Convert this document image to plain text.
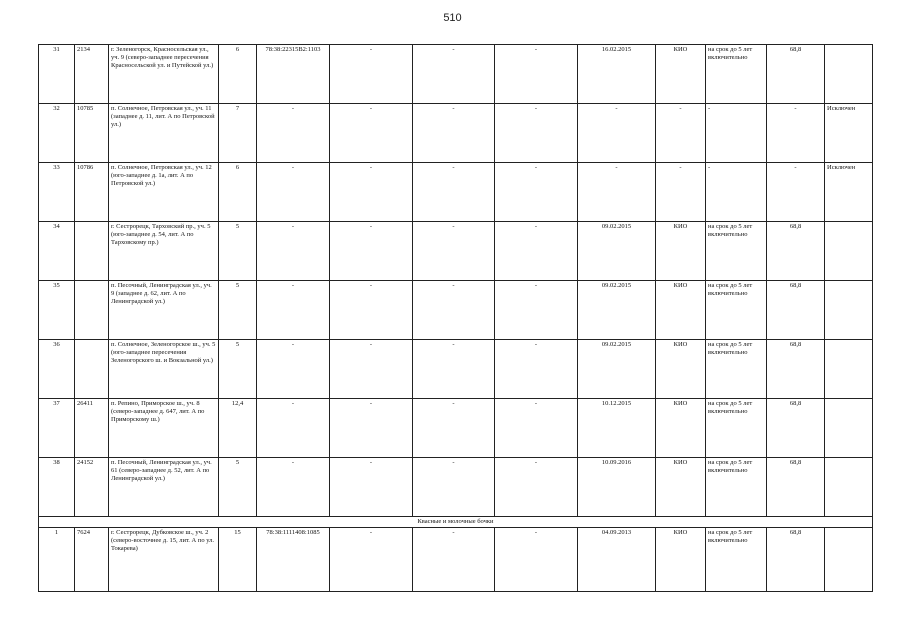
510
31	2134	г. Зеленогорск, Красносельская ул., уч. 9 (северо-западнее пересечения Красносельской ул. и Путейской ул.)	6	78:38:22315В2:1103	-	-	-	16.02.2015	КИО	на срок до 5 лет включительно	68,8	
32	10785	п. Солнечное, Петровская ул., уч. 11 (западнее д. 11, лит. А по Петровской ул.)	7	-	-	-	-	-	-	-	-	Исключен
33	10786	п. Солнечное, Петровская ул., уч. 12 (юго-западнее д. 1а, лит. А по Петровской ул.)	6	-	-	-	-	-	-	-	-	Исключен
34		г. Сестрорецк, Тарховский пр., уч. 5 (юго-западнее д. 54, лит. А по Тарховскому пр.)	5	-	-	-	-	09.02.2015	КИО	на срок до 5 лет включительно	68,8	
35		п. Песочный, Ленинградская ул., уч. 9 (западнее д. 62, лит. А по Ленинградской ул.)	5	-	-	-	-	09.02.2015	КИО	на срок до 5 лет включительно	68,8	
36		п. Солнечное, Зеленогорское ш., уч. 5 (юго-западнее пересечения Зеленогорского ш. и Вокзальной ул.)	5	-	-	-	-	09.02.2015	КИО	на срок до 5 лет включительно	68,8	
37	26411	п. Репино, Приморское ш., уч. 8 (северо-западнее д. 647, лит. А по Приморскому ш.)	12,4	-	-	-	-	10.12.2015	КИО	на срок до 5 лет включительно	68,8	
38	24152	п. Песочный, Ленинградская ул., уч. 61 (северо-западнее д. 52, лит. А по Ленинградской ул.)	5	-	-	-	-	10.09.2016	КИО	на срок до 5 лет включительно	68,8	
Квасные и молочные бочки												
1	7624	г. Сестрорецк, Дубковское ш., уч. 2 (северо-восточнее д. 15, лит. А по ул. Токарева)	15	78:38:1111408:1085	-	-	-	04.09.2013	КИО	на срок до 5 лет включительно	68,8	
